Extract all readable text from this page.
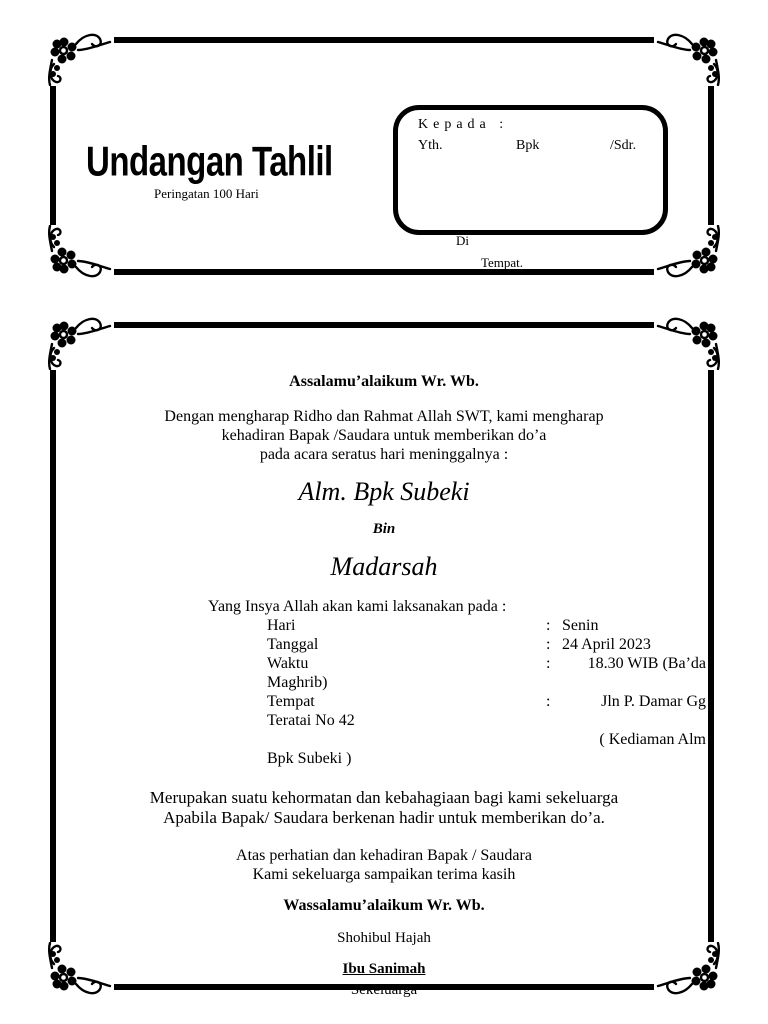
Undangan Tahlil
Peringatan 100 Hari
Kepada :
Yth.	Bpk	/Sdr.
Di
Tempat.
Assalamu’alaikum Wr. Wb.
Dengan mengharap Ridho dan Rahmat Allah SWT, kami mengharap
kehadiran Bapak /Saudara untuk memberikan do’a
pada acara seratus hari meninggalnya :
Alm. Bpk Subeki
Bin
Madarsah
Yang Insya Allah akan kami laksanakan pada :
Hari	: Senin
Tanggal	: 24 April 2023
Waktu	:	18.30 WIB (Ba’da
Maghrib)
Tempat	:	Jln P. Damar Gg
Teratai No 42
( Kediaman Alm
Bpk Subeki )
Merupakan suatu kehormatan dan kebahagiaan bagi kami sekeluarga
Apabila Bapak/ Saudara berkenan hadir untuk memberikan do’a.
Atas perhatian dan kehadiran Bapak / Saudara
Kami sekeluarga sampaikan terima kasih
Wassalamu’alaikum Wr. Wb.
Shohibul Hajah
Sekeluarga
Ibu Sanimah
